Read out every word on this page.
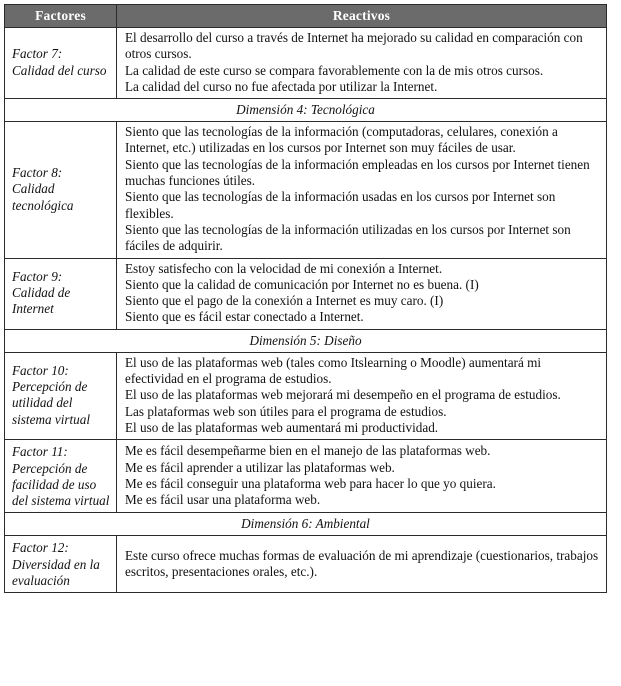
Factores	Reactivos
Factor 7:
Calidad del curso	El desarrollo del curso a través de Internet ha mejorado su calidad en comparación con otros cursos.
La calidad de este curso se compara favorablemente con la de mis otros cursos.
La calidad del curso no fue afectada por utilizar la Internet.

Dimensión 4: Tecnológica	
Factor 8:
Calidad tecnológica	Siento que las tecnologías de la información (computadoras, celulares, conexión a Internet, etc.) utilizadas en los cursos por Internet son muy fáciles de usar.
Siento que las tecnologías de la información empleadas en los cursos por Internet tienen muchas funciones útiles.
Siento que las tecnologías de la información usadas en los cursos por Internet son flexibles.
Siento que las tecnologías de la información utilizadas en los cursos por Internet son fáciles de adquirir.

Factor 9:
Calidad de Internet	Estoy satisfecho con la velocidad de mi conexión a Internet.
Siento que la calidad de comunicación por Internet no es buena. (I)
Siento que el pago de la conexión a Internet es muy caro. (I)
Siento que es fácil estar conectado a Internet.

Dimensión 5: Diseño	
Factor 10:
Percepción de utilidad del sistema virtual	El uso de las plataformas web (tales como Itslearning o Moodle) aumentará mi efectividad en el programa de estudios.
El uso de las plataformas web mejorará mi desempeño en el programa de estudios.
Las plataformas web son útiles para el programa de estudios.
El uso de las plataformas web aumentará mi productividad.

Factor 11:
Percepción de facilidad de uso del sistema virtual	Me es fácil desempeñarme bien en el manejo de las plataformas web.
Me es fácil aprender a utilizar las plataformas web.
Me es fácil conseguir una plataforma web para hacer lo que yo quiera.
Me es fácil usar una plataforma web.

Dimensión 6: Ambiental	
Factor 12:
Diversidad en la evaluación	Este curso ofrece muchas formas de evaluación de mi aprendizaje (cuestionarios, trabajos escritos, presentaciones orales, etc.).
